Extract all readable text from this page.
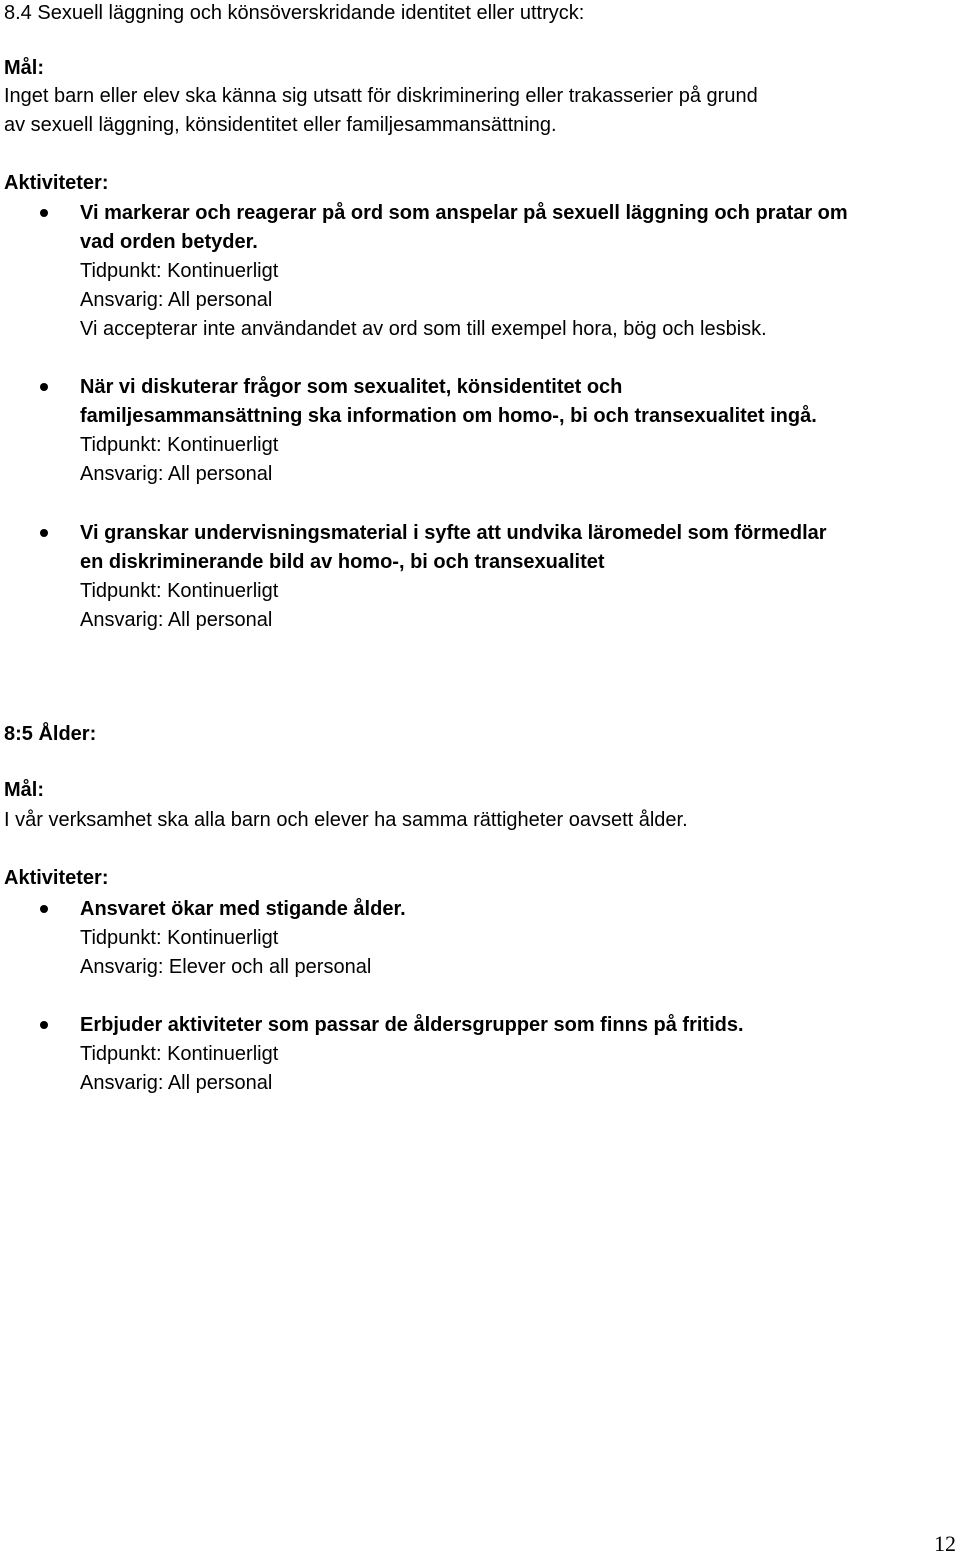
8.4 Sexuell läggning och könsöverskridande identitet eller uttryck:
Mål:
Inget barn eller elev ska känna sig utsatt för diskriminering eller trakasserier på grund
av sexuell läggning, könsidentitet eller familjesammansättning.
Aktiviteter:
Vi markerar och reagerar på ord som anspelar på sexuell läggning och pratar om
vad orden betyder.
Tidpunkt: Kontinuerligt
Ansvarig: All personal
Vi accepterar inte användandet av ord som till exempel hora, bög och lesbisk.
När vi diskuterar frågor som sexualitet, könsidentitet och
familjesammansättning ska information om homo-, bi och transexualitet ingå.
Tidpunkt: Kontinuerligt
Ansvarig: All personal
Vi granskar undervisningsmaterial i syfte att undvika läromedel som förmedlar
en diskriminerande bild av homo-, bi och transexualitet
Tidpunkt: Kontinuerligt
Ansvarig: All personal
8:5 Ålder:
Mål:
I vår verksamhet ska alla barn och elever ha samma rättigheter oavsett ålder.
Aktiviteter:
Ansvaret ökar med stigande ålder.
Tidpunkt: Kontinuerligt
Ansvarig: Elever och all personal
Erbjuder aktiviteter som passar de åldersgrupper som finns på fritids.
Tidpunkt: Kontinuerligt
Ansvarig: All personal
12
